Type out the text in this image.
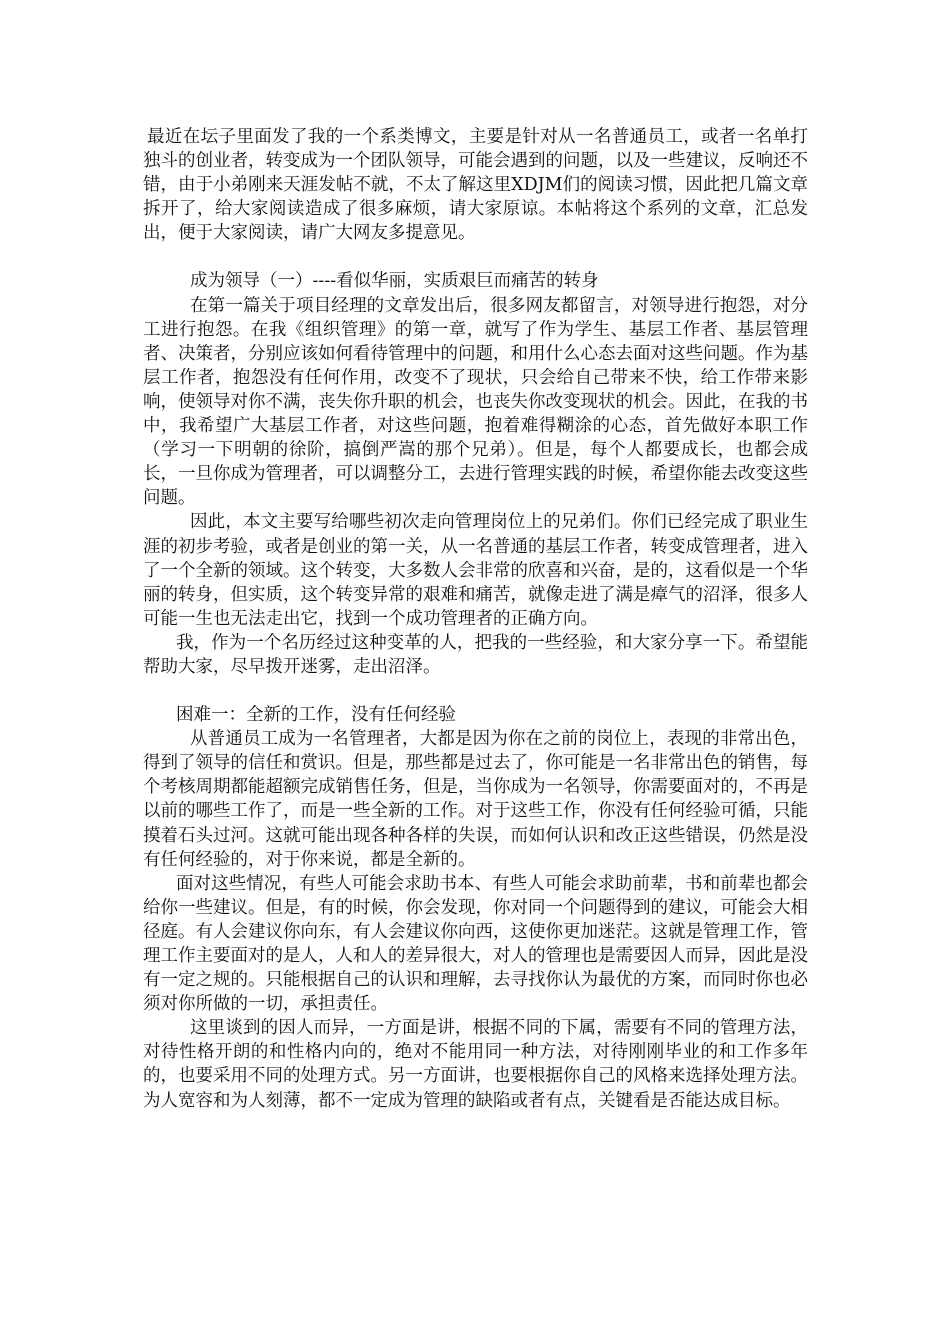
最近在坛子里面发了我的一个系类博文，主要是针对从一名普通员工，或者一名单打独斗的创业者，转变成为一个团队领导，可能会遇到的问题，以及一些建议，反响还不错，由于小弟刚来天涯发帖不就，不太了解这里XDJM们的阅读习惯，因此把几篇文章拆开了，给大家阅读造成了很多麻烦，请大家原谅。本帖将这个系列的文章，汇总发出，便于大家阅读，请广大网友多提意见。

成为领导（一）----看似华丽，实质艰巨而痛苦的转身

在第一篇关于项目经理的文章发出后，很多网友都留言，对领导进行抱怨，对分工进行抱怨。在我《组织管理》的第一章，就写了作为学生、基层工作者、基层管理者、决策者，分别应该如何看待管理中的问题，和用什么心态去面对这些问题。作为基层工作者，抱怨没有任何作用，改变不了现状，只会给自己带来不快，给工作带来影响，使领导对你不满，丧失你升职的机会，也丧失你改变现状的机会。因此，在我的书中，我希望广大基层工作者，对这些问题，抱着难得糊涂的心态，首先做好本职工作（学习一下明朝的徐阶，搞倒严嵩的那个兄弟）。但是，每个人都要成长，也都会成长，一旦你成为管理者，可以调整分工，去进行管理实践的时候，希望你能去改变这些问题。

因此，本文主要写给哪些初次走向管理岗位上的兄弟们。你们已经完成了职业生涯的初步考验，或者是创业的第一关，从一名普通的基层工作者，转变成管理者，进入了一个全新的领域。这个转变，大多数人会非常的欣喜和兴奋，是的，这看似是一个华丽的转身，但实质，这个转变异常的艰难和痛苦，就像走进了满是瘴气的沼泽，很多人可能一生也无法走出它，找到一个成功管理者的正确方向。

我，作为一个名历经过这种变革的人，把我的一些经验，和大家分享一下。希望能帮助大家，尽早拨开迷雾，走出沼泽。

困难一：全新的工作，没有任何经验

从普通员工成为一名管理者，大都是因为你在之前的岗位上，表现的非常出色，得到了领导的信任和赏识。但是，那些都是过去了，你可能是一名非常出色的销售，每个考核周期都能超额完成销售任务，但是，当你成为一名领导，你需要面对的，不再是以前的哪些工作了，而是一些全新的工作。对于这些工作，你没有任何经验可循，只能摸着石头过河。这就可能出现各种各样的失误，而如何认识和改正这些错误，仍然是没有任何经验的，对于你来说，都是全新的。

面对这些情况，有些人可能会求助书本、有些人可能会求助前辈，书和前辈也都会给你一些建议。但是，有的时候，你会发现，你对同一个问题得到的建议，可能会大相径庭。有人会建议你向东，有人会建议你向西，这使你更加迷茫。这就是管理工作，管理工作主要面对的是人，人和人的差异很大，对人的管理也是需要因人而异，因此是没有一定之规的。只能根据自己的认识和理解，去寻找你认为最优的方案，而同时你也必须对你所做的一切，承担责任。

这里谈到的因人而异，一方面是讲，根据不同的下属，需要有不同的管理方法，对待性格开朗的和性格内向的，绝对不能用同一种方法，对待刚刚毕业的和工作多年的，也要采用不同的处理方式。另一方面讲，也要根据你自己的风格来选择处理方法。为人宽容和为人刻薄，都不一定成为管理的缺陷或者有点，关键看是否能达成目标。
